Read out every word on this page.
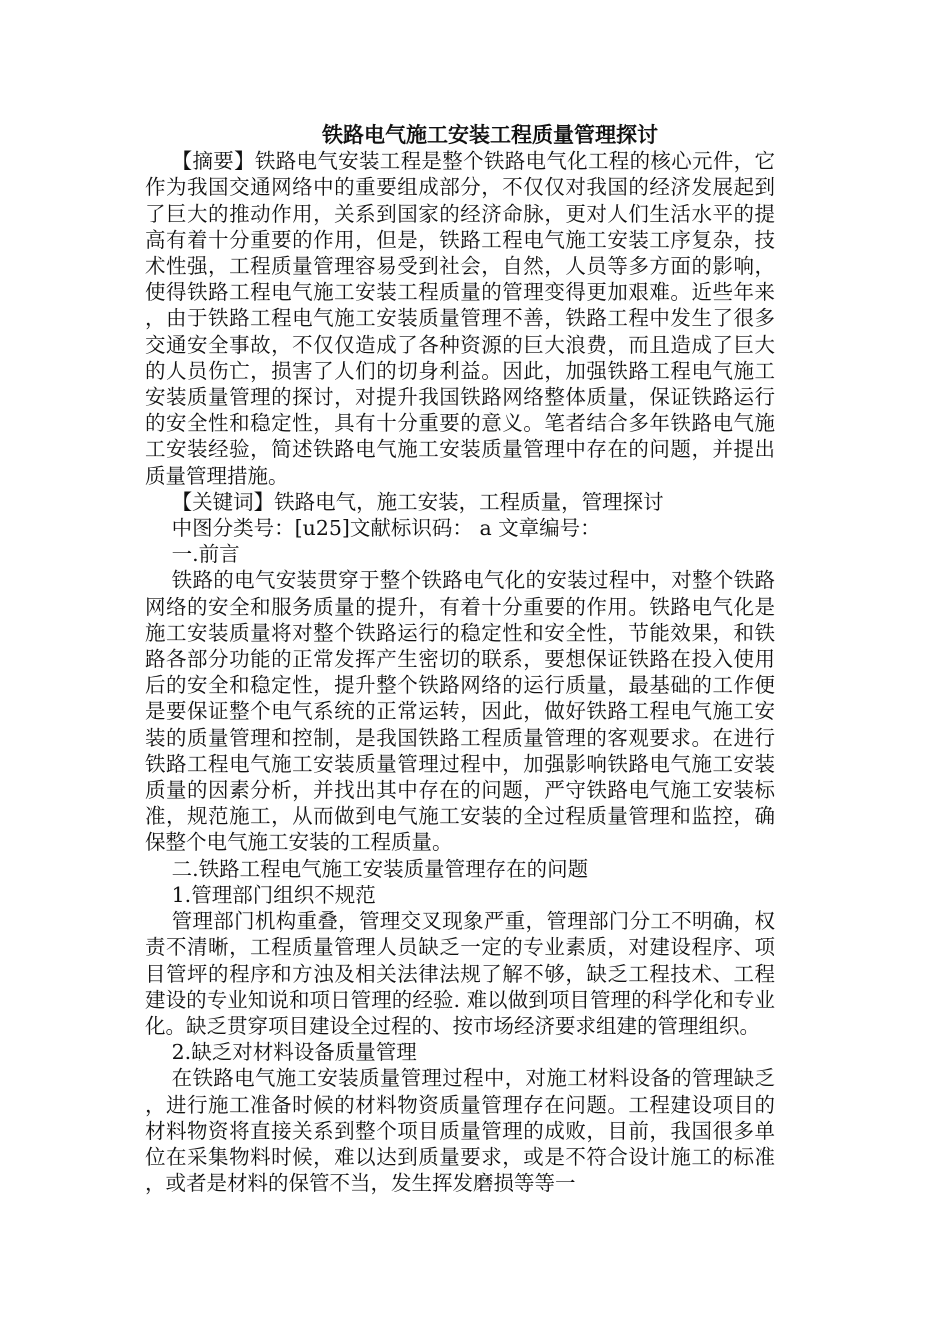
铁路电气施工安装工程质量管理探讨

【摘要】铁路电气安装工程是整个铁路电气化工程的核心元件，它作为我国交通网络中的重要组成部分，不仅仅对我国的经济发展起到了巨大的推动作用，关系到国家的经济命脉，更对人们生活水平的提高有着十分重要的作用，但是，铁路工程电气施工安装工序复杂，技术性强，工程质量管理容易受到社会，自然，人员等多方面的影响，使得铁路工程电气施工安装工程质量的管理变得更加艰难。近些年来，由于铁路工程电气施工安装质量管理不善，铁路工程中发生了很多交通安全事故，不仅仅造成了各种资源的巨大浪费，而且造成了巨大的人员伤亡，损害了人们的切身利益。因此，加强铁路工程电气施工安装质量管理的探讨，对提升我国铁路网络整体质量，保证铁路运行的安全性和稳定性，具有十分重要的意义。笔者结合多年铁路电气施工安装经验，简述铁路电气施工安装质量管理中存在的问题，并提出质量管理措施。

【关键词】铁路电气，施工安装，工程质量，管理探讨

中图分类号：[u25]文献标识码： a 文章编号：

一.前言

铁路的电气安装贯穿于整个铁路电气化的安装过程中，对整个铁路网络的安全和服务质量的提升，有着十分重要的作用。铁路电气化是施工安装质量将对整个铁路运行的稳定性和安全性，节能效果，和铁路各部分功能的正常发挥产生密切的联系，要想保证铁路在投入使用后的安全和稳定性，提升整个铁路网络的运行质量，最基础的工作便是要保证整个电气系统的正常运转，因此，做好铁路工程电气施工安装的质量管理和控制，是我国铁路工程质量管理的客观要求。在进行铁路工程电气施工安装质量管理过程中，加强影响铁路电气施工安装质量的因素分析，并找出其中存在的问题，严守铁路电气施工安装标准，规范施工，从而做到电气施工安装的全过程质量管理和监控，确保整个电气施工安装的工程质量。

二.铁路工程电气施工安装质量管理存在的问题

1.管理部门组织不规范

管理部门机构重叠，管理交叉现象严重，管理部门分工不明确，权责不清晰，工程质量管理人员缺乏一定的专业素质，对建设程序、项目管坪的程序和方浊及相关法律法规了解不够，缺乏工程技术、工程建设的专业知说和项日管理的经验. 难以做到项目管理的科学化和专业化。缺乏贯穿项目建设全过程的、按市场经济要求组建的管理组织。

2.缺乏对材料设备质量管理

在铁路电气施工安装质量管理过程中，对施工材料设备的管理缺乏，进行施工准备时候的材料物资质量管理存在问题。工程建设项目的材料物资将直接关系到整个项目质量管理的成败，目前，我国很多单位在采集物料时候，难以达到质量要求，或是不符合设计施工的标准，或者是材料的保管不当，发生挥发磨损等等一
